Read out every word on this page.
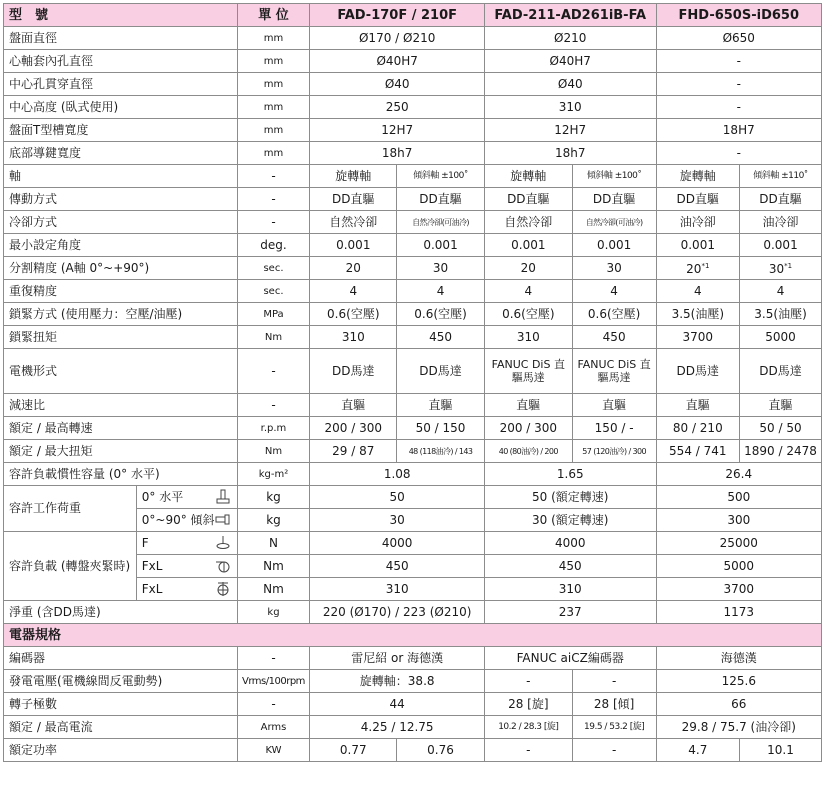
型　號		單 位	FAD-170F / 210F		FAD-211-AD261iB-FA		FHD-650S-iD650	
盤面直徑		mm	Ø170 / Ø210		Ø210		Ø650	
心軸套內孔直徑		mm	Ø40H7		Ø40H7		-	
中心孔貫穿直徑		mm	Ø40		Ø40		-	
中心高度 (臥式使用)		mm	250		310		-	
盤面T型槽寬度		mm	12H7		12H7		18H7	
底部導鍵寬度		mm	18h7		18h7		-	
軸		-	旋轉軸	傾斜軸 ±100˚	旋轉軸	傾斜軸 ±100˚	旋轉軸	傾斜軸 ±110˚
傳動方式		-	DD直驅	DD直驅	DD直驅	DD直驅	DD直驅	DD直驅
冷卻方式		-	自然冷卻	自然冷卻(可油冷)	自然冷卻	自然冷卻(可油冷)	油冷卻	油冷卻
最小設定角度		deg.	0.001	0.001	0.001	0.001	0.001	0.001
分割精度 (A軸 0°~+90°)		sec.	20	30	20	30	20$^{*1}$	30$^{*1}$
重復精度		sec.	4	4	4	4	4	4
鎖緊方式 (使用壓力：空壓/油壓)		MPa	0.6(空壓)	0.6(空壓)	0.6(空壓)	0.6(空壓)	3.5(油壓)	3.5(油壓)
鎖緊扭矩		Nm	310	450	310	450	3700	5000
電機形式		-	DD馬達	DD馬達	FANUC DiS 直驅馬達	FANUC DiS 直驅馬達	DD馬達	DD馬達
減速比		-	直驅	直驅	直驅	直驅	直驅	直驅
額定 / 最高轉速		r.p.m	200 / 300	50 / 150	200 / 300	150 / -	80 / 210	50 / 50
額定 / 最大扭矩		Nm	29 / 87	48 (118油冷) / 143	40 (80油冷) / 200	57 (120油冷) / 300	554 / 741	1890 / 2478
容許負載慣性容量 (0° 水平)		kg-m²	1.08		1.65		26.4	
容許工作荷重	0° 水平	kg	50		50 (額定轉速)		500	

	0°~90° 傾斜	kg	30		30 (額定轉速)		300	
容許負載 (轉盤夾緊時)	F	N	4000		4000		25000	

	FxL	Nm	450		450		5000	

	FxL	Nm	310		310		3700	
淨重 (含DD馬達)		kg	220 (Ø170) / 223 (Ø210)		237		1173	
電器規格								
編碼器		-	雷尼紹 or 海德漢		FANUC aiCZ編碼器		海德漢	
發電電壓(電機線間反電動勢)		Vrms/100rpm	旋轉軸：38.8		-	-	125.6	
轉子極數		-	44		28 [旋]	28 [傾]	66	
額定 / 最高電流		Arms	4.25 / 12.75		10.2 / 28.3 [旋]	19.5 / 53.2 [旋]	29.8 / 75.7 (油冷卻)	
額定功率		KW	0.77	0.76	-	-	4.7	10.1
